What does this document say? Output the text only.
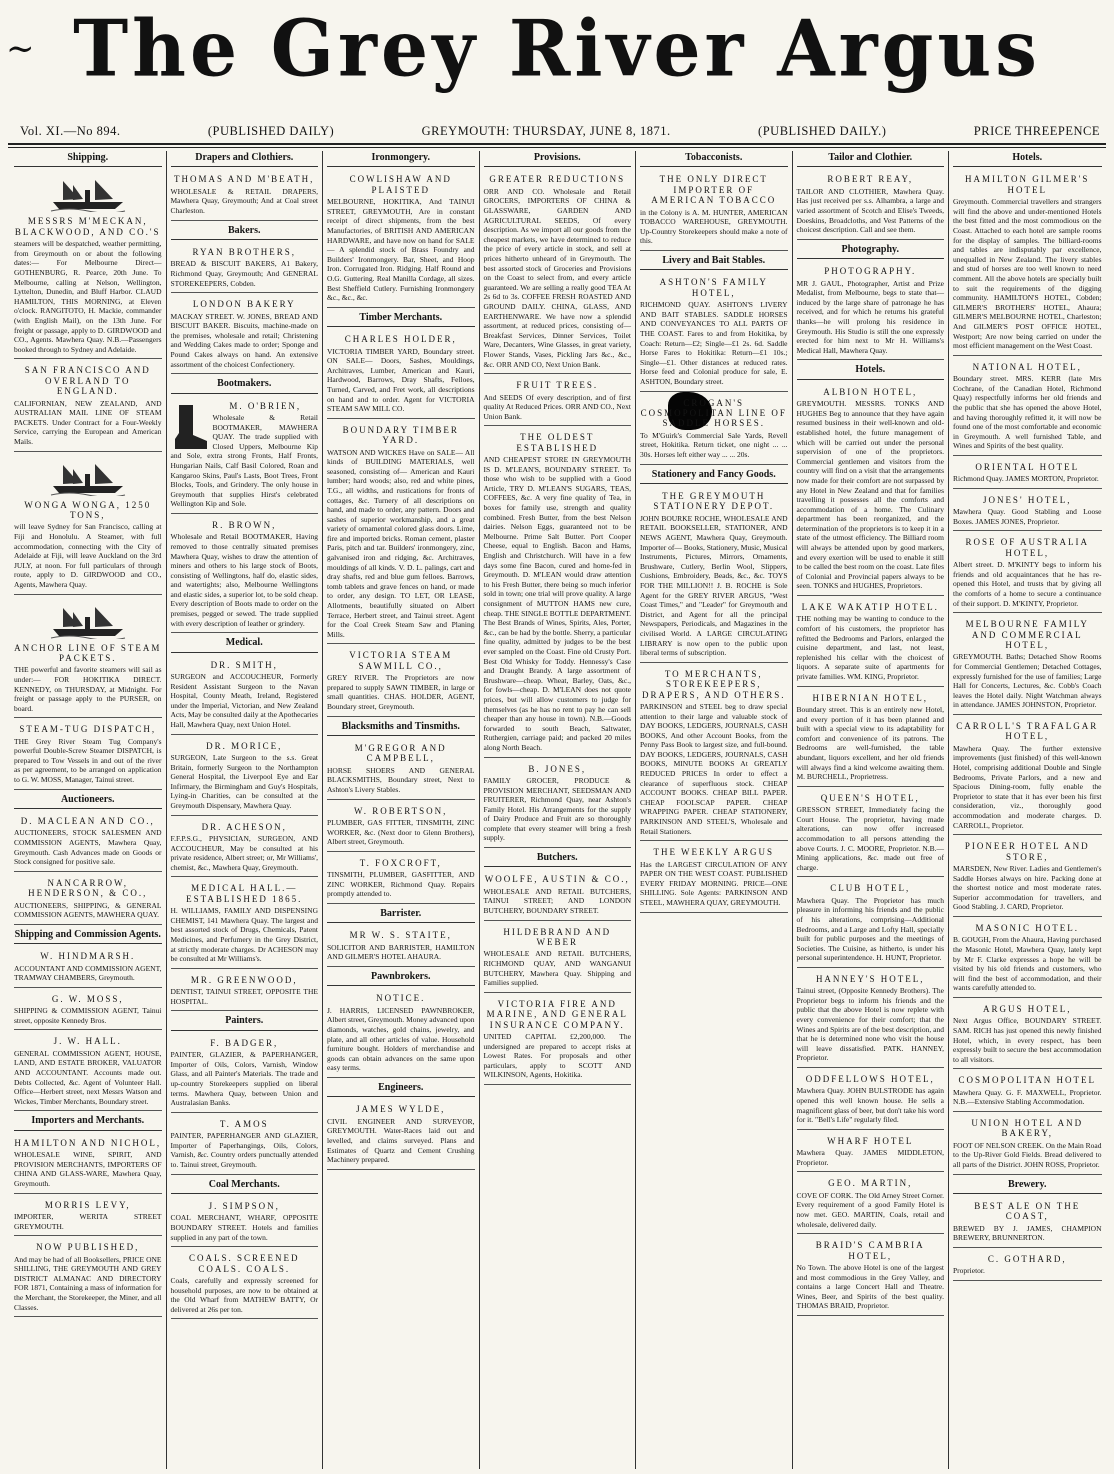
~ The Grey River Argus
Vol. XI.—No 894.	(PUBLISHED DAILY)	GREYMOUTH: THURSDAY, JUNE 8, 1871.	(PUBLISHED DAILY.)	PRICE THREEPENCE
Shipping.
MESSRS M'MECKAN, BLACKWOOD, AND CO.'S
steamers will be despatched, weather permitting, from Greymouth on or about the following dates:— For Melbourne Direct— GOTHENBURG, R. Pearce, 20th June. To Melbourne, calling at Nelson, Wellington, Lyttelton, Dunedin, and Bluff Harbor. CLAUD HAMILTON, THIS MORNING, at Eleven o'clock. RANGITOTO, H. Mackie, commander (with English Mail), on the 13th June. For freight or passage, apply to D. GIRDWOOD and CO., Agents. Mawhera Quay. N.B.—Passengers booked through to Sydney and Adelaide.
SAN FRANCISCO AND OVERLAND TO ENGLAND.
CALIFORNIAN, NEW ZEALAND, AND AUSTRALIAN MAIL LINE OF STEAM PACKETS. Under Contract for a Four-Weekly Service, carrying the European and American Mails.
WONGA WONGA, 1250 TONS,
will leave Sydney for San Francisco, calling at Fiji and Honolulu. A Steamer, with full accommodation, connecting with the City of Adelaide at Fiji, will leave Auckland on the 3rd JULY, at noon. For full particulars of through route, apply to D. GIRDWOOD and CO., Agents, Mawhera Quay.
ANCHOR LINE OF STEAM PACKETS.
THE powerful and favorite steamers will sail as under:— FOR HOKITIKA DIRECT. KENNEDY, on THURSDAY, at Midnight. For freight or passage apply to the PURSER, on board.
STEAM-TUG DISPATCH,
THE Grey River Steam Tug Company's powerful Double-Screw Steamer DISPATCH, is prepared to Tow Vessels in and out of the river as per agreement, to be arranged on application to G. W. MOSS, Manager, Tainui street.
Auctioneers.
D. MACLEAN AND CO.,
AUCTIONEERS, STOCK SALESMEN AND COMMISSION AGENTS, Mawhera Quay, Greymouth. Cash Advances made on Goods or Stock consigned for positive sale.
NANCARROW, HENDERSON, & CO.,
AUCTIONEERS, SHIPPING, & GENERAL COMMISSION AGENTS, MAWHERA QUAY.
Shipping and Commission Agents.
W. HINDMARSH.
ACCOUNTANT AND COMMISSION AGENT, TRAMWAY CHAMBERS, Greymouth.
G. W. MOSS,
SHIPPING & COMMISSION AGENT, Tainui street, opposite Kennedy Bros.
J. W. HALL.
GENERAL COMMISSION AGENT, HOUSE, LAND, AND ESTATE BROKER, VALUATOR AND ACCOUNTANT. Accounts made out. Debts Collected, &c. Agent of Volunteer Hall. Office—Herbert street, next Messrs Watson and Wickes, Timber Merchants, Boundary street.
Importers and Merchants.
HAMILTON AND NICHOL,
WHOLESALE WINE, SPIRIT, AND PROVISION MERCHANTS, IMPORTERS OF CHINA AND GLASS-WARE, Mawhera Quay, Greymouth.
MORRIS LEVY,
IMPORTER, WERITA STREET GREYMOUTH.
NOW PUBLISHED,
And may be had of all Booksellers, PRICE ONE SHILLING, THE GREYMOUTH AND GREY DISTRICT ALMANAC AND DIRECTORY FOR 1871, Containing a mass of information for the Merchant, the Storekeeper, the Miner, and all Classes.
Drapers and Clothiers.
THOMAS AND M'BEATH,
WHOLESALE & RETAIL DRAPERS, Mawhera Quay, Greymouth; And at Coal street Charleston.
Bakers.
RYAN BROTHERS,
BREAD & BISCUIT BAKERS, A1 Bakery, Richmond Quay, Greymouth; And GENERAL STOREKEEPERS, Cobden.
LONDON BAKERY
MACKAY STREET. W. JONES, BREAD AND BISCUIT BAKER. Biscuits, machine-made on the premises, wholesale and retail; Christening and Wedding Cakes made to order; Sponge and Pound Cakes always on hand. An extensive assortment of the choicest Confectionery.
Bootmakers.
M. O'BRIEN,
Wholesale & Retail BOOTMAKER, MAWHERA QUAY. The trade supplied with Closed Uppers, Melbourne Kip and Sole, extra strong Fronts, Half Fronts, Hungarian Nails, Calf Basil Colored, Roan and Kangaroo Skins, Paul's Lasts, Boot Trees, Front Blocks, Tools, and Grindery. The only house in Greymouth that supplies Hirst's celebrated Wellington Kip and Sole.
R. BROWN,
Wholesale and Retail BOOTMAKER, Having removed to those centrally situated premises Mawhera Quay, wishes to draw the attention of miners and others to his large stock of Boots, consisting of Wellingtons, half do, elastic sides, and watertights; also, Melbourne Wellingtons and elastic sides, a superior lot, to be sold cheap. Every description of Boots made to order on the premises, pegged or sewed. The trade supplied with every description of leather or grindery.
Medical.
DR. SMITH,
SURGEON and ACCOUCHEUR, Formerly Resident Assistant Surgeon to the Navan Hospital, County Meath, Ireland, Registered under the Imperial, Victorian, and New Zealand Acts, May be consulted daily at the Apothecaries Hall, Mawhera Quay, next Union Hotel.
DR. MORICE,
SURGEON, Late Surgeon to the s.s. Great Britain, formerly Surgeon to the Northampton General Hospital, the Liverpool Eye and Ear Infirmary, the Birmingham and Guy's Hospitals, Lying-in Charities, can be consulted at the Greymouth Dispensary, Mawhera Quay.
DR. ACHESON,
F.F.P.S.G., PHYSICIAN, SURGEON, AND ACCOUCHEUR, May be consulted at his private residence, Albert street; or, Mr Williams', chemist, &c., Mawhera Quay, Greymouth.
MEDICAL HALL.—ESTABLISHED 1865.
H. WILLIAMS, FAMILY AND DISPENSING CHEMIST, 141 Mawhera Quay. The largest and best assorted stock of Drugs, Chemicals, Patent Medicines, and Perfumery in the Grey District, at strictly moderate charges. Dr ACHESON may be consulted at Mr Williams's.
MR. GREENWOOD,
DENTIST, TAINUI STREET, OPPOSITE THE HOSPITAL.
Painters.
F. BADGER,
PAINTER, GLAZIER, & PAPERHANGER, Importer of Oils, Colors, Varnish, Window Glass, and all Painter's Materials. The trade and up-country Storekeepers supplied on liberal terms. Mawhera Quay, between Union and Australasian Banks.
T. AMOS
PAINTER, PAPERHANGER AND GLAZIER, Importer of Paperhangings, Oils, Colors, Varnish, &c. Country orders punctually attended to. Tainui street, Greymouth.
Coal Merchants.
J. SIMPSON,
COAL MERCHANT, WHARF, OPPOSITE BOUNDARY STREET. Hotels and families supplied in any part of the town.
COALS. SCREENED COALS. COALS.
Coals, carefully and expressly screened for household purposes, are now to be obtained at the Old Wharf from MATHEW BATTY, Or delivered at 26s per ton.
Ironmongery.
COWLISHAW AND PLAISTED
MELBOURNE, HOKITIKA, And TAINUI STREET, GREYMOUTH, Are in constant receipt of direct shipments, from the best Manufactories, of BRITISH AND AMERICAN HARDWARE, and have now on hand for SALE— A splendid stock of Brass Foundry and Builders' Ironmongery. Bar, Sheet, and Hoop Iron. Corrugated Iron. Ridging. Half Round and O.G. Guttering. Real Manilla Cordage, all sizes. Best Sheffield Cutlery. Furnishing Ironmongery &c., &c., &c.
Timber Merchants.
CHARLES HOLDER,
VICTORIA TIMBER YARD, Boundary street. ON SALE— Doors, Sashes, Mouldings, Architraves, Lumber, American and Kauri, Hardwood, Barrows, Dray Shafts, Felloes, Turned, Carved, and Fret work, all descriptions on hand and to order. Agent for VICTORIA STEAM SAW MILL CO.
BOUNDARY TIMBER YARD.
WATSON AND WICKES Have on SALE— All kinds of BUILDING MATERIALS, well seasoned, consisting of— American and Kauri lumber; hard woods; also, red and white pines, T.G., all widths, and rustications for fronts of cottages, &c. Turnery of all descriptions on hand, and made to order, any pattern. Doors and sashes of superior workmanship, and a great variety of ornamental colored glass doors. Lime, fire and imported bricks. Roman cement, plaster Paris, pitch and tar. Builders' ironmongery, zinc, galvanised iron and ridging, &c. Architraves, mouldings of all kinds. V. D. L. palings, cart and dray shafts, red and blue gum felloes. Barrows, tomb tablets and grave fences on hand, or made to order, any design. TO LET, OR LEASE, Allotments, beautifully situated on Albert Terrace, Herbert street, and Tainui street. Agent for the Coal Creek Steam Saw and Planing Mills.
VICTORIA STEAM SAWMILL CO.,
GREY RIVER. The Proprietors are now prepared to supply SAWN TIMBER, in large or small quantities. CHAS. HOLDER, AGENT, Boundary street, Greymouth.
Blacksmiths and Tinsmiths.
M'GREGOR AND CAMPBELL,
HORSE SHOERS AND GENERAL BLACKSMITHS, Boundary street, Next to Ashton's Livery Stables.
W. ROBERTSON,
PLUMBER, GAS FITTER, TINSMITH, ZINC WORKER, &c. (Next door to Glenn Brothers), Albert street, Greymouth.
T. FOXCROFT,
TINSMITH, PLUMBER, GASFITTER, AND ZINC WORKER, Richmond Quay. Repairs promptly attended to.
Barrister.
MR W. S. STAITE,
SOLICITOR AND BARRISTER, HAMILTON AND GILMER'S HOTEL AHAURA.
Pawnbrokers.
NOTICE.
J. HARRIS, LICENSED PAWNBROKER, Albert street, Greymouth. Money advanced upon diamonds, watches, gold chains, jewelry, and plate, and all other articles of value. Household furniture bought. Holders of merchandise and goods can obtain advances on the same upon easy terms.
Engineers.
JAMES WYLDE,
CIVIL ENGINEER AND SURVEYOR, GREYMOUTH. Water-Races laid out and levelled, and claims surveyed. Plans and Estimates of Quartz and Cement Crushing Machinery prepared.
Provisions.
GREATER REDUCTIONS
ORR AND CO. Wholesale and Retail GROCERS, IMPORTERS OF CHINA & GLASSWARE, GARDEN AND AGRICULTURAL SEEDS, Of every description. As we import all our goods from the cheapest markets, we have determined to reduce the price of every article in stock, and sell at prices hitherto unheard of in Greymouth. The best assorted stock of Groceries and Provisions on the Coast to select from, and every article guaranteed. We are selling a really good TEA At 2s 6d to 3s. COFFEE FRESH ROASTED AND GROUND DAILY. CHINA, GLASS, AND EARTHENWARE. We have now a splendid assortment, at reduced prices, consisting of— Breakfast Services, Dinner Services, Toilet Ware, Decanters, Wine Glasses, in great variety, Flower Stands, Vases, Pickling Jars &c., &c., &c. ORR AND CO, Next Union Bank.
FRUIT TREES.
And SEEDS Of every description, and of first quality At Reduced Prices. ORR AND CO., Next Union Bank.
THE OLDEST ESTABLISHED
AND CHEAPEST STORE IN GREYMOUTH IS D. M'LEAN'S, BOUNDARY STREET. To those who wish to be supplied with a Good Article, TRY D. M'LEAN'S SUGARS, TEAS, COFFEES, &c. A very fine quality of Tea, in boxes for family use, strength and quality combined. Fresh Butter, from the best Nelson dairies. Nelson Eggs, guaranteed not to be Melbourne. Prime Salt Butter. Port Cooper Cheese, equal to English. Bacon and Hams, English and Christchurch. Will have in a few days some fine Bacon, cured and home-fed in Greymouth. D. M'LEAN would draw attention to his Fresh Butter, there being so much inferior sold in town; one trial will prove quality. A large consignment of MUTTON HAMS new cure, cheap. THE SINGLE BOTTLE DEPARTMENT. The Best Brands of Wines, Spirits, Ales, Porter, &c., can be had by the bottle. Sherry, a particular fine quality, admitted by judges to be the best ever sampled on the Coast. Fine old Crusty Port. Best Old Whisky for Toddy. Hennessy's Case and Draught Brandy. A large assortment of Brushware—cheap. Wheat, Barley, Oats, &c., for fowls—cheap. D. M'LEAN does not quote prices, but will allow customers to judge for themselves (as he has no rent to pay he can sell cheaper than any house in town). N.B.—Goods forwarded to south Beach, Saltwater, Ruthergien, carriage paid; and packed 20 miles along North Beach.
B. JONES,
FAMILY GROCER, PRODUCE & PROVISION MERCHANT, SEEDSMAN AND FRUITERER, Richmond Quay, near Ashton's Family Hotel. His Arrangements for the supply of Dairy Produce and Fruit are so thoroughly complete that every steamer will bring a fresh supply.
Butchers.
WOOLFE, AUSTIN & CO.,
WHOLESALE AND RETAIL BUTCHERS, TAINUI STREET; AND LONDON BUTCHERY, BOUNDARY STREET.
HILDEBRAND AND WEBER
WHOLESALE AND RETAIL BUTCHERS, RICHMOND QUAY, AND WANGANUI BUTCHERY, Mawhera Quay. Shipping and Families supplied.
VICTORIA FIRE AND MARINE, AND GENERAL INSURANCE COMPANY.
UNITED CAPITAL £2,200,000. The undersigned are prepared to accept risks at Lowest Rates. For proposals and other particulars, apply to SCOTT AND WILKINSON, Agents, Hokitika.
Tobacconists.
THE ONLY DIRECT IMPORTER OF AMERICAN TOBACCO
in the Colony is A. M. HUNTER, AMERICAN TOBACCO WAREHOUSE, GREYMOUTH. Up-Country Storekeepers should make a note of this.
Livery and Bait Stables.
ASHTON'S FAMILY HOTEL,
RICHMOND QUAY. ASHTON'S LIVERY AND BAIT STABLES. SADDLE HORSES AND CONVEYANCES TO ALL PARTS OF THE COAST. Fares to and from Hokitika, by Coach: Return—£2; Single—£1 2s. 6d. Saddle Horse Fares to Hokitika: Return—£1 10s.; Single—£1. Other distances at reduced rates. Horse feed and Colonial produce for sale, E. ASHTON, Boundary street.
CROGAN'S COSMOPOLITAN LINE OF SADDLE HORSES.
To M'Guirk's Commercial Sale Yards, Revell street, Hokitika. Return ticket, one night ... ... 30s. Horses left either way ... ... 20s.
Stationery and Fancy Goods.
THE GREYMOUTH STATIONERY DEPOT.
JOHN BOURKE ROCHE, WHOLESALE AND RETAIL BOOKSELLER, STATIONER, AND NEWS AGENT, Mawhera Quay, Greymouth. Importer of— Books, Stationery, Music, Musical Instruments, Pictures, Mirrors, Ornaments, Brushware, Cutlery, Berlin Wool, Slippers, Cushions, Embroidery, Beads, &c., &c. TOYS FOR THE MILLION!! J. B. ROCHE is Sole Agent for the GREY RIVER ARGUS, "West Coast Times," and "Leader" for Greymouth and District, and Agent for all the principal Newspapers, Periodicals, and Magazines in the civilised World. A LARGE CIRCULATING LIBRARY is now open to the public upon liberal terms of subscription.
TO MERCHANTS, STOREKEEPERS, DRAPERS, AND OTHERS.
PARKINSON and STEEL beg to draw special attention to their large and valuable stock of DAY BOOKS, LEDGERS, JOURNALS, CASH BOOKS, And other Account Books, from the Penny Pass Book to largest size, and full-bound. DAY BOOKS, LEDGERS, JOURNALS, CASH BOOKS, MINUTE BOOKS At GREATLY REDUCED PRICES In order to effect a clearance of superfluous stock. CHEAP ACCOUNT BOOKS. CHEAP BILL PAPER. CHEAP FOOLSCAP PAPER. CHEAP WRAPPING PAPER. CHEAP STATIONERY, PARKINSON AND STEEL'S, Wholesale and Retail Stationers.
THE WEEKLY ARGUS
Has the LARGEST CIRCULATION OF ANY PAPER ON THE WEST COAST. PUBLISHED EVERY FRIDAY MORNING. PRICE—ONE SHILLING. Sole Agents: PARKINSON AND STEEL, MAWHERA QUAY, GREYMOUTH.
Tailor and Clothier.
ROBERT REAY,
TAILOR AND CLOTHIER, Mawhera Quay. Has just received per s.s. Alhambra, a large and varied assortment of Scotch and Elise's Tweeds, Doeskins, Broadcloths, and Vest Patterns of the choicest description. Call and see them.
Photography.
PHOTOGRAPHY.
MR J. GAUL, Photographer, Artist and Prize Medalist, from Melbourne, begs to state that—induced by the large share of patronage he has received, and for which he returns his grateful thanks—he will prolong his residence in Greymouth. His Studio is still the one expressly erected for him next to Mr H. Williams's Medical Hall, Mawhera Quay.
Hotels.
ALBION HOTEL,
GREYMOUTH. MESSRS. TONKS AND HUGHES Beg to announce that they have again resumed business in their well-known and old-established hotel, the future management of which will be carried out under the personal supervision of one of the proprietors. Commercial gentlemen and visitors from the country will find on a visit that the arrangements now made for their comfort are not surpassed by any Hotel in New Zealand and that for families travelling it possesses all the comforts and accommodation of a home. The Culinary department has been reorganized, and the determination of the proprietors is to keep it in a state of the utmost efficiency. The Billiard room will always be attended upon by good markers, and every exertion will be used to enable it still to be called the best room on the coast. Late files of Colonial and Provincial papers always to be seen. TONKS and HUGHES, Proprietors.
LAKE WAKATIP HOTEL.
THE nothing may be wanting to conduce to the comfort of his customers, the proprietor has refitted the Bedrooms and Parlors, enlarged the cuisine department, and last, not least, replenished his cellar with the choicest of liquors. A separate suite of apartments for private families. WM. KING, Proprietor.
HIBERNIAN HOTEL,
Boundary street. This is an entirely new Hotel, and every portion of it has been planned and built with a special view to its adaptability for comfort and convenience of its patrons. The Bedrooms are well-furnished, the table abundant, liquors excellent, and her old friends will always find a kind welcome awaiting them. M. BURCHELL, Proprietress.
QUEEN'S HOTEL,
GRESSON STREET, Immediately facing the Court House. The proprietor, having made alterations, can now offer increased accommodation to all persons attending the above Courts. J. C. MOORE, Proprietor. N.B.—Mining applications, &c. made out free of charge.
CLUB HOTEL,
Mawhera Quay. The Proprietor has much pleasure in informing his friends and the public of his alterations, comprising—Additional Bedrooms, and a Large and Lofty Hall, specially built for public purposes and the meetings of Societies. The Cuisine, as hitherto, is under his personal superintendence. H. HUNT, Proprietor.
HANNEY'S HOTEL,
Tainui street, (Opposite Kennedy Brothers). The Proprietor begs to inform his friends and the public that the above Hotel is now replete with every convenience for their comfort; that the Wines and Spirits are of the best description, and that he is determined none who visit the house will leave dissatisfied. PATK. HANNEY, Proprietor.
ODDFELLOWS HOTEL,
Mawhera Quay. JOHN BULSTRODE has again opened this well known house. He sells a magnificent glass of beer, but don't take his word for it. "Bell's Life" regularly filed.
WHARF HOTEL
Mawhera Quay. JAMES MIDDLETON, Proprietor.
GEO. MARTIN,
COVE OF CORK. The Old Arney Street Corner. Every requirement of a good Family Hotel is now met. GEO. MARTIN, Coals, retail and wholesale, delivered daily.
BRAID'S CAMBRIA HOTEL,
No Town. The above Hotel is one of the largest and most commodious in the Grey Valley, and contains a large Concert Hall and Theatre. Wines, Beer, and Spirits of the best quality. THOMAS BRAID, Proprietor.
Hotels.
HAMILTON GILMER'S HOTEL
Greymouth. Commercial travellers and strangers will find the above and under-mentioned Hotels the best fitted and the most commodious on the Coast. Attached to each hotel are sample rooms for the display of samples. The billiard-rooms and tables are indisputably par excellence, unequalled in New Zealand. The livery stables and stud of horses are too well known to need comment. All the above hotels are specially built to suit the requirements of the digging community. HAMILTON'S HOTEL, Cobden; GILMER'S BROTHERS' HOTEL, Ahaura; GILMER'S MELBOURNE HOTEL, Charleston; And GILMER'S POST OFFICE HOTEL, Westport; Are now being carried on under the most efficient management on the West Coast.
NATIONAL HOTEL,
Boundary street. MRS. KERR (late Mrs Cochrane, of the Canadian Hotel, Richmond Quay) respectfully informs her old friends and the public that she has opened the above Hotel, and having thoroughly refitted it, it will now be found one of the most comfortable and economic in Greymouth. A well furnished Table, and Wines and Spirits of the best quality.
ORIENTAL HOTEL
Richmond Quay. JAMES MORTON, Proprietor.
JONES' HOTEL,
Mawhera Quay. Good Stabling and Loose Boxes. JAMES JONES, Proprietor.
ROSE OF AUSTRALIA HOTEL,
Albert street. D. M'KINTY begs to inform his friends and old acquaintances that he has re-opened this Hotel, and trusts that by giving all the comforts of a home to secure a continuance of their support. D. M'KINTY, Proprietor.
MELBOURNE FAMILY AND COMMERCIAL HOTEL,
GREYMOUTH. Baths; Detached Show Rooms for Commercial Gentlemen; Detached Cottages, expressly furnished for the use of families; Large Hall for Concerts, Lectures, &c. Cobb's Coach leaves the Hotel daily. Night Watchman always in attendance. JAMES JOHNSTON, Proprietor.
CARROLL'S TRAFALGAR HOTEL,
Mawhera Quay. The further extensive improvements (just finished) of this well-known Hotel, comprising additional Double and Single Bedrooms, Private Parlors, and a new and Spacious Dining-room, fully enable the Proprietor to state that it has ever been his first consideration, viz., thoroughly good accommodation and moderate charges. D. CARROLL, Proprietor.
PIONEER HOTEL AND STORE,
MARSDEN, New River. Ladies and Gentlemen's Saddle Horses always on hire. Packing done at the shortest notice and most moderate rates. Superior accommodation for travellers, and Good Stabling. J. CARD, Proprietor.
MASONIC HOTEL.
B. GOUGH, From the Ahaura, Having purchased the Masonic Hotel, Mawhera Quay, lately kept by Mr F. Clarke expresses a hope he will be visited by his old friends and customers, who will find the best of accommodation, and their wants carefully attended to.
ARGUS HOTEL,
Next Argus Office, BOUNDARY STREET. SAM. RICH has just opened this newly finished Hotel, which, in every respect, has been expressly built to secure the best accommodation to all visitors.
COSMOPOLITAN HOTEL
Mawhera Quay. G. F. MAXWELL, Proprietor. N.B.—Extensive Stabling Accommodation.
UNION HOTEL AND BAKERY,
FOOT OF NELSON CREEK. On the Main Road to the Up-River Gold Fields. Bread delivered to all parts of the District. JOHN ROSS, Proprietor.
Brewery.
BEST ALE ON THE COAST,
BREWED BY J. JAMES, CHAMPION BREWERY, BRUNNERTON.
C. GOTHARD,
Proprietor.
